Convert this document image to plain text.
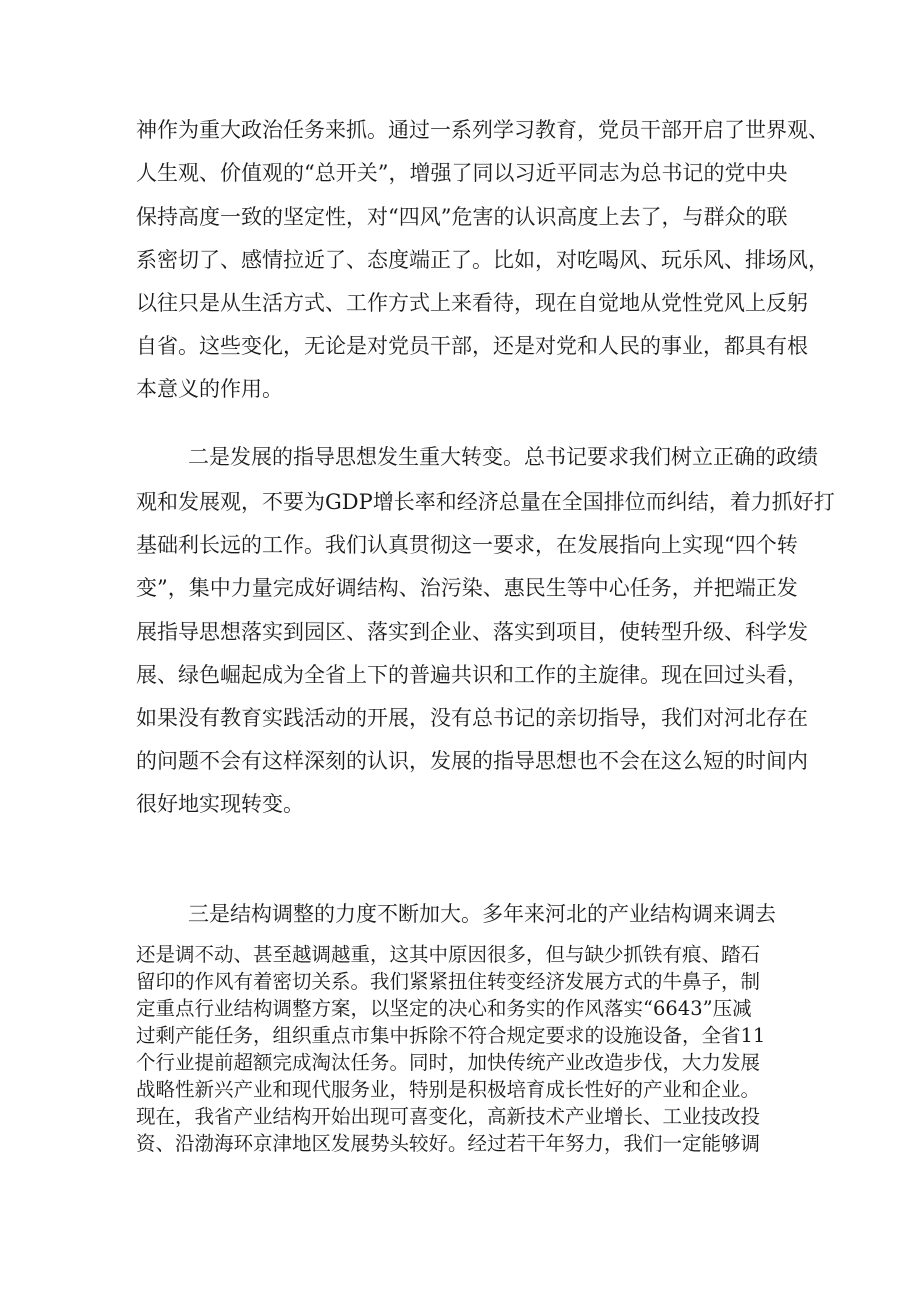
神作为重大政治任务来抓。通过一系列学习教育，党员干部开启了世界观、
人生观、价值观的“总开关”，增强了同以习近平同志为总书记的党中央
保持高度一致的坚定性，对“四风”危害的认识高度上去了，与群众的联
系密切了、感情拉近了、态度端正了。比如，对吃喝风、玩乐风、排场风，
以往只是从生活方式、工作方式上来看待，现在自觉地从党性党风上反躬
自省。这些变化，无论是对党员干部，还是对党和人民的事业，都具有根
本意义的作用。
二是发展的指导思想发生重大转变。总书记要求我们树立正确的政绩
观和发展观，不要为GDP增长率和经济总量在全国排位而纠结，着力抓好打
基础利长远的工作。我们认真贯彻这一要求，在发展指向上实现“四个转
变”，集中力量完成好调结构、治污染、惠民生等中心任务，并把端正发
展指导思想落实到园区、落实到企业、落实到项目，使转型升级、科学发
展、绿色崛起成为全省上下的普遍共识和工作的主旋律。现在回过头看，
如果没有教育实践活动的开展，没有总书记的亲切指导，我们对河北存在
的问题不会有这样深刻的认识，发展的指导思想也不会在这么短的时间内
很好地实现转变。
三是结构调整的力度不断加大。多年来河北的产业结构调来调去
还是调不动、甚至越调越重，这其中原因很多，但与缺少抓铁有痕、踏石
留印的作风有着密切关系。我们紧紧扭住转变经济发展方式的牛鼻子，制
定重点行业结构调整方案，以坚定的决心和务实的作风落实“6643”压减
过剩产能任务，组织重点市集中拆除不符合规定要求的设施设备，全省11
个行业提前超额完成淘汰任务。同时，加快传统产业改造步伐，大力发展
战略性新兴产业和现代服务业，特别是积极培育成长性好的产业和企业。
现在，我省产业结构开始出现可喜变化，高新技术产业增长、工业技改投
资、沿渤海环京津地区发展势头较好。经过若干年努力，我们一定能够调
